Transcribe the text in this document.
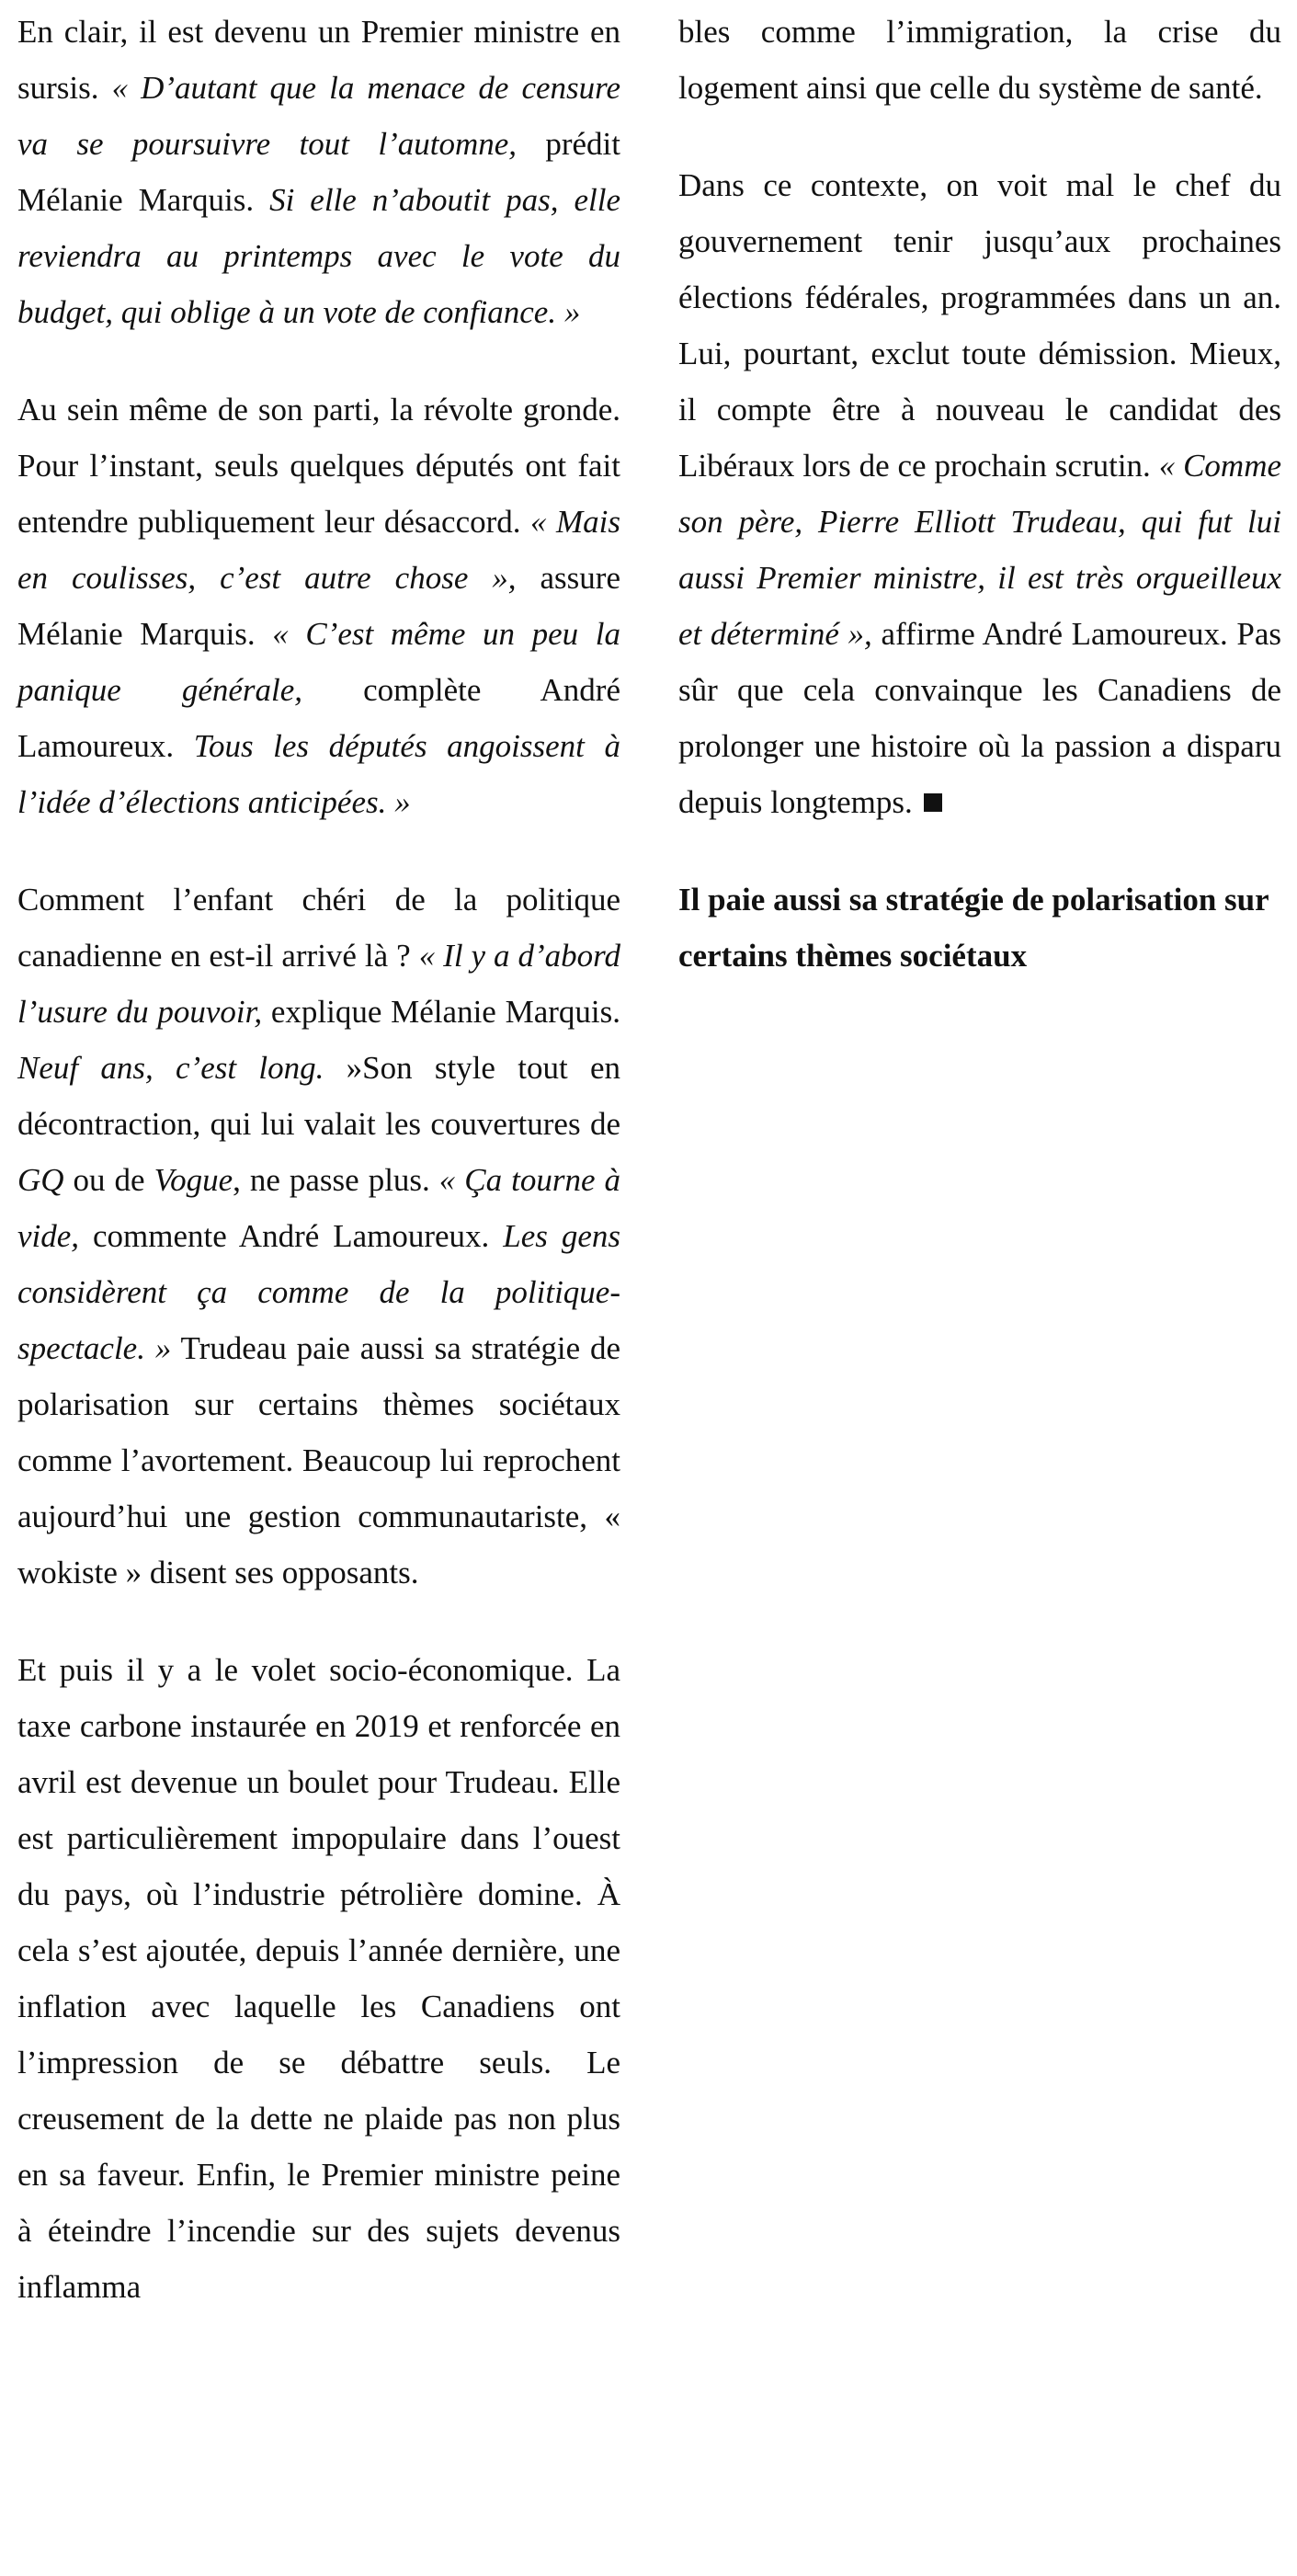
En clair, il est devenu un Premier ministre en sursis. « D’autant que la menace de censure va se poursuivre tout l’automne, prédit Mélanie Marquis. Si elle n’aboutit pas, elle reviendra au printemps avec le vote du budget, qui oblige à un vote de confiance. »

Au sein même de son parti, la révolte gronde. Pour l’instant, seuls quelques députés ont fait entendre publiquement leur désaccord. « Mais en coulisses, c’est autre chose », assure Mélanie Marquis. « C’est même un peu la panique générale, complète André Lamoureux. Tous les députés angoissent à l’idée d’élections anticipées. »

Comment l’enfant chéri de la politique canadienne en est-il arrivé là ? « Il y a d’abord l’usure du pouvoir, explique Mélanie Marquis. Neuf ans, c’est long. »Son style tout en décontraction, qui lui valait les couvertures de GQ ou de Vogue, ne passe plus. « Ça tourne à vide, commente André Lamoureux. Les gens considèrent ça comme de la politique-spectacle. » Trudeau paie aussi sa stratégie de polarisation sur certains thèmes sociétaux comme l’avortement. Beaucoup lui reprochent aujourd’hui une gestion communautariste, « wokiste » disent ses opposants.

Et puis il y a le volet socio-économique. La taxe carbone instaurée en 2019 et renforcée en avril est devenue un boulet pour Trudeau. Elle est particulièrement impopulaire dans l’ouest du pays, où l’industrie pétrolière domine. À cela s’est ajoutée, depuis l’année dernière, une inflation avec laquelle les Canadiens ont l’impression de se débattre seuls. Le creusement de la dette ne plaide pas non plus en sa faveur. Enfin, le Premier ministre peine à éteindre l’incendie sur des sujets devenus inflamma

bles comme l’immigration, la crise du logement ainsi que celle du système de santé.

Dans ce contexte, on voit mal le chef du gouvernement tenir jusqu’aux prochaines élections fédérales, programmées dans un an. Lui, pourtant, exclut toute démission. Mieux, il compte être à nouveau le candidat des Libéraux lors de ce prochain scrutin. « Comme son père, Pierre Elliott Trudeau, qui fut lui aussi Premier ministre, il est très orgueilleux et déterminé », affirme André Lamoureux. Pas sûr que cela convainque les Canadiens de prolonger une histoire où la passion a disparu depuis longtemps.

Il paie aussi sa stratégie de polarisation sur certains thèmes sociétaux
